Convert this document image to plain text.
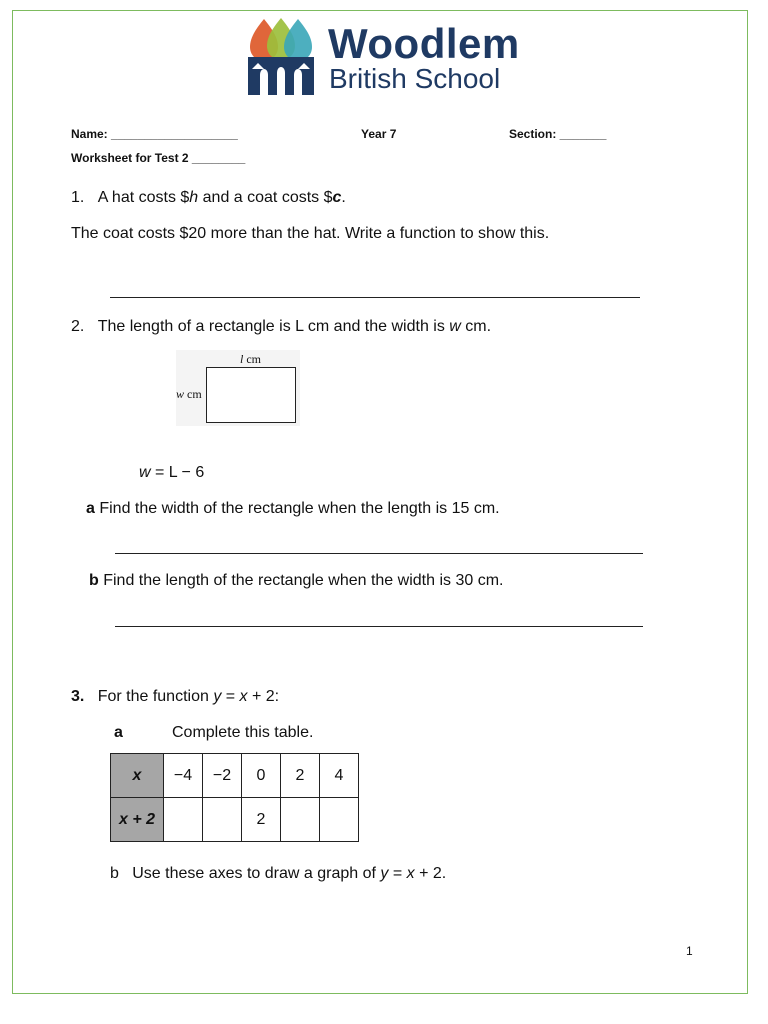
Woodlem
British School
Name: ___________________	Year 7	Section: _______
Worksheet for Test 2 ________
1. A hat costs $h and a coat costs $c.
The coat costs $20 more than the hat. Write a function to show this.
2. The length of a rectangle is L cm and the width is w cm.
l cm
w cm
w = L − 6
a Find the width of the rectangle when the length is 15 cm.
b Find the length of the rectangle when the width is 30 cm.
3. For the function y = x + 2:
a	Complete this table.
x	−4	−2	0	2	4
x + 2			2		
b Use these axes to draw a graph of y = x + 2.
1
